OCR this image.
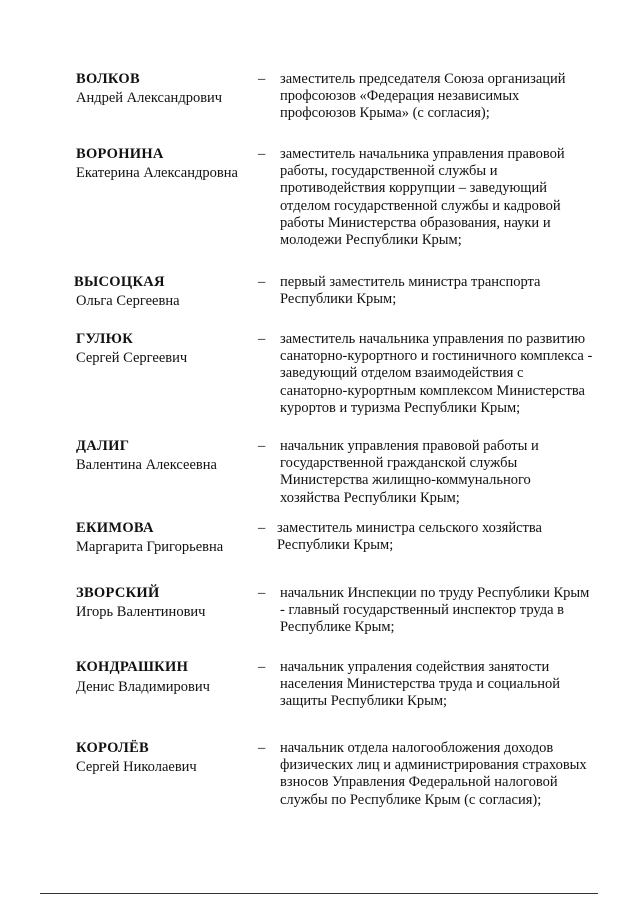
ВОЛКОВ
Андрей Александрович
– заместитель председателя Союза организаций
профсоюзов «Федерация независимых
профсоюзов Крыма» (с согласия);
ВОРОНИНА
Екатерина Александровна
– заместитель начальника управления правовой
работы, государственной службы и
противодействия коррупции – заведующий
отделом государственной службы и кадровой
работы Министерства образования, науки и
молодежи Республики Крым;
ВЫСОЦКАЯ
Ольга Сергеевна
– первый заместитель министра транспорта
Республики Крым;
ГУЛЮК
Сергей Сергеевич
– заместитель начальника управления по развитию
санаторно-курортного и гостиничного комплекса -
заведующий отделом взаимодействия с
санаторно-курортным комплексом Министерства
курортов и туризма Республики Крым;
ДАЛИГ
Валентина Алексеевна
– начальник управления правовой работы и
государственной гражданской службы
Министерства жилищно-коммунального
хозяйства Республики Крым;
ЕКИМОВА
Маргарита Григорьевна
– заместитель министра сельского хозяйства
Республики Крым;
ЗВОРСКИЙ
Игорь Валентинович
– начальник Инспекции по труду Республики Крым
- главный государственный инспектор труда в
Республике Крым;
КОНДРАШКИН
Денис Владимирович
– начальник упраления содействия занятости
населения Министерства труда и социальной
защиты Республики Крым;
КОРОЛЁВ
Сергей Николаевич
– начальник отдела налогообложения доходов
физических лиц и администрирования страховых
взносов Управления Федеральной налоговой
службы по Республике Крым (с согласия);
